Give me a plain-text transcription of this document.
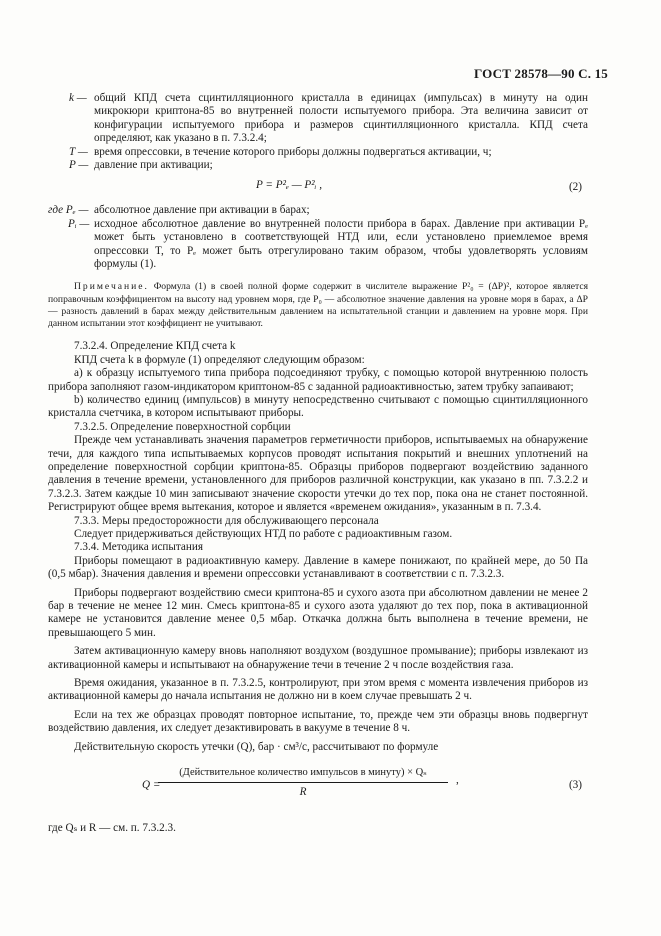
ГОСТ 28578—90 С. 15
k — общий КПД счета сцинтилляционного кристалла в единицах (импульсах) в минуту на один микрокюри криптона-85 во внутренней полости испытуемого прибора. Эта величина зависит от конфигурации испытуемого прибора и размеров сцинтилляционного кристалла. КПД счета определяют, как указано в п. 7.3.2.4;
T — время опрессовки, в течение которого приборы должны подвергаться активации, ч;
P — давление при активации;
P = P²ₑ — P²ᵢ ,	(2)
где Pₑ — абсолютное давление при активации в барах;
Pᵢ — исходное абсолютное давление во внутренней полости прибора в барах. Давление при активации Pₑ может быть установлено в соответствующей НТД или, если установлено приемлемое время опрессовки T, то Pₑ может быть отрегулировано таким образом, чтобы удовлетворять условиям формулы (1).

Примечание. Формула (1) в своей полной форме содержит в числителе выражение P²₀ = (ΔP)², которое является поправочным коэффициентом на высоту над уровнем моря, где P₀ — абсолютное значение давления на уровне моря в барах, а ΔP — разность давлений в барах между действительным давлением на испытательной станции и давлением на уровне моря. При данном испытании этот коэффициент не учитывают.

7.3.2.4. Определение КПД счета k

КПД счета k в формуле (1) определяют следующим образом:

а) к образцу испытуемого типа прибора подсоединяют трубку, с помощью которой внутреннюю полость прибора заполняют газом-индикатором криптоном-85 с заданной радиоактивностью, затем трубку запаивают;

b) количество единиц (импульсов) в минуту непосредственно считывают с помощью сцинтилляционного кристалла счетчика, в котором испытывают приборы.

7.3.2.5. Определение поверхностной сорбции

Прежде чем устанавливать значения параметров герметичности приборов, испытываемых на обнаружение течи, для каждого типа испытываемых корпусов проводят испытания покрытий и внешних уплотнений на определение поверхностной сорбции криптона-85. Образцы приборов подвергают воздействию заданного давления в течение времени, установленного для приборов различной конструкции, как указано в пп. 7.3.2.2 и 7.3.2.3. Затем каждые 10 мин записывают значение скорости утечки до тех пор, пока она не станет постоянной. Регистрируют общее время вытекания, которое и является «временем ожидания», указанным в п. 7.3.4.

7.3.3. Меры предосторожности для обслуживающего персонала

Следует придерживаться действующих НТД по работе с радиоактивным газом.

7.3.4. Методика испытания

Приборы помещают в радиоактивную камеру. Давление в камере понижают, по крайней мере, до 50 Па (0,5 мбар). Значения давления и времени опрессовки устанавливают в соответствии с п. 7.3.2.3.

Приборы подвергают воздействию смеси криптона-85 и сухого азота при абсолютном давлении не менее 2 бар в течение не менее 12 мин. Смесь криптона-85 и сухого азота удаляют до тех пор, пока в активационной камере не установится давление менее 0,5 мбар. Откачка должна быть выполнена в течение времени, не превышающего 5 мин.

Затем активационную камеру вновь наполняют воздухом (воздушное промывание); приборы извлекают из активационной камеры и испытывают на обнаружение течи в течение 2 ч после воздействия газа.

Время ожидания, указанное в п. 7.3.2.5, контролируют, при этом время с момента извлечения приборов из активационной камеры до начала испытания не должно ни в коем случае превышать 2 ч.

Если на тех же образцах проводят повторное испытание, то, прежде чем эти образцы вновь подвергнут воздействию давления, их следует дезактивировать в вакууме в течение 8 ч.

Действительную скорость утечки (Q), бар · см³/с, рассчитывают по формуле

Q =
(Действительное количество импульсов в минуту) × Qₛ
R
,	(3)

где Qₛ и R — см. п. 7.3.2.3.
